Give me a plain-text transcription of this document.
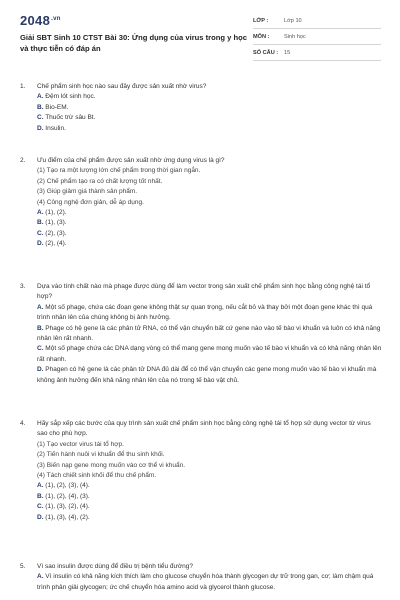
$2048^{.vn}$
Giải SBT Sinh 10 CTST Bài 30: Ứng dụng của virus trong y học và thực tiễn có đáp án
LỚP :	Lớp 10
MÔN :	Sinh học
SỐ CÂU :	15
1.	Chế phẩm sinh học nào sau đây được sản xuất nhờ virus?
A. Đệm lót sinh học.
B. Bio-EM.
C. Thuốc trừ sâu Bt.
D. Insulin.
2.	Ưu điểm của chế phẩm được sản xuất nhờ ứng dụng virus là gì?
(1) Tạo ra một lượng lớn chế phẩm trong thời gian ngắn.
(2) Chế phẩm tạo ra có chất lượng tốt nhất.
(3) Giúp giảm giá thành sản phẩm.
(4) Công nghệ đơn giản, dễ áp dụng.
A. (1), (2).
B. (1), (3).
C. (2), (3).
D. (2), (4).
3.	Dựa vào tính chất nào mà phage được dùng để làm vector trong sản xuất chế phẩm sinh học bằng công nghệ tái tổ hợp?
A. Một số phage, chứa các đoạn gene không thật sự quan trọng, nếu cắt bỏ và thay bởi một đoạn gene khác thì quá trình nhân lên của chúng không bị ảnh hưởng.
B. Phage có hệ gene là các phân tử RNA, có thể vận chuyển bất cứ gene nào vào tế bào vi khuẩn và luôn có khả năng nhân lên rất nhanh.
C. Một số phage chứa các DNA dạng vòng có thể mang gene mong muốn vào tế bào vi khuẩn và có khả năng nhân lên rất nhanh.
D. Phagen có hệ gene là các phân tử DNA đủ dài để có thể vận chuyển các gene mong muốn vào tế bào vi khuẩn mà không ảnh hưởng đến khả năng nhân lên của nó trong tế bào vật chủ.
4.	Hãy sắp xếp các bước của quy trình sản xuất chế phẩm sinh học bằng công nghệ tái tổ hợp sử dụng vector từ virus sao cho phù hợp.
(1) Tạo vector virus tái tổ hợp.
(2) Tiến hành nuôi vi khuẩn để thu sinh khối.
(3) Biến nạp gene mong muốn vào cơ thể vi khuẩn.
(4) Tách chiết sinh khối để thu chế phẩm.
A. (1), (2), (3), (4).
B. (1), (2), (4), (3).
C. (1), (3), (2), (4).
D. (1), (3), (4), (2).
5.	Vì sao insulin được dùng để điều trị bệnh tiểu đường?
A. Vì insulin có khả năng kích thích làm cho glucose chuyển hóa thành glycogen dự trữ trong gan, cơ; làm chậm quá trình phân giải glycogen; ức chế chuyển hóa amino acid và glycerol thành glucose.
